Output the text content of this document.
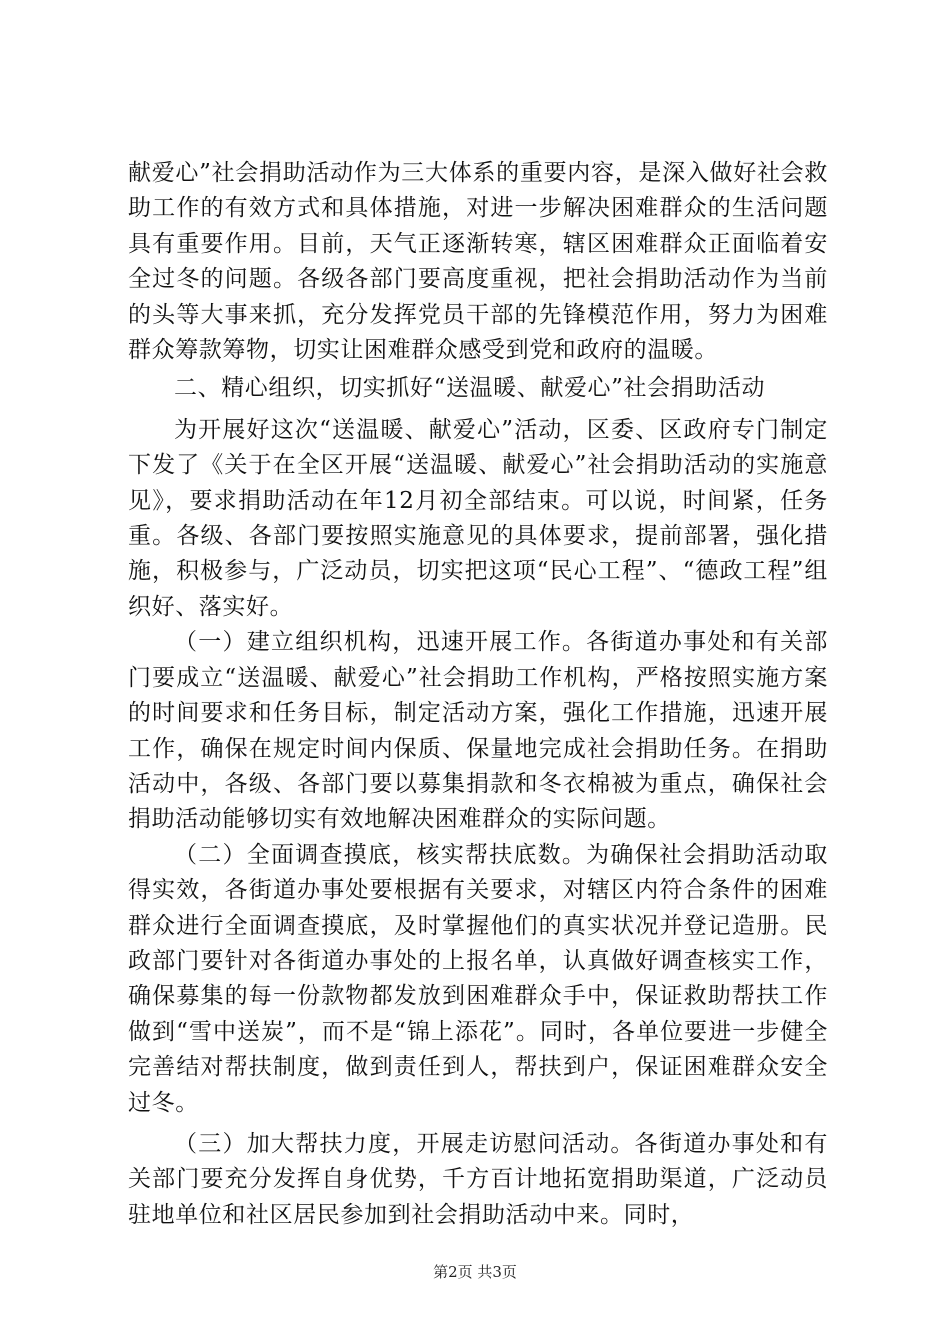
献爱心”社会捐助活动作为三大体系的重要内容，是深入做好社会救助工作的有效方式和具体措施，对进一步解决困难群众的生活问题具有重要作用。目前，天气正逐渐转寒，辖区困难群众正面临着安全过冬的问题。各级各部门要高度重视，把社会捐助活动作为当前的头等大事来抓，充分发挥党员干部的先锋模范作用，努力为困难群众筹款筹物，切实让困难群众感受到党和政府的温暖。

二、精心组织，切实抓好“送温暖、献爱心”社会捐助活动

为开展好这次“送温暖、献爱心”活动，区委、区政府专门制定下发了《关于在全区开展“送温暖、献爱心”社会捐助活动的实施意见》，要求捐助活动在年12月初全部结束。可以说，时间紧，任务重。各级、各部门要按照实施意见的具体要求，提前部署，强化措施，积极参与，广泛动员，切实把这项“民心工程”、“德政工程”组织好、落实好。

（一）建立组织机构，迅速开展工作。各街道办事处和有关部门要成立“送温暖、献爱心”社会捐助工作机构，严格按照实施方案的时间要求和任务目标，制定活动方案，强化工作措施，迅速开展工作，确保在规定时间内保质、保量地完成社会捐助任务。在捐助活动中，各级、各部门要以募集捐款和冬衣棉被为重点，确保社会捐助活动能够切实有效地解决困难群众的实际问题。

（二）全面调查摸底，核实帮扶底数。为确保社会捐助活动取得实效，各街道办事处要根据有关要求，对辖区内符合条件的困难群众进行全面调查摸底，及时掌握他们的真实状况并登记造册。民政部门要针对各街道办事处的上报名单，认真做好调查核实工作，确保募集的每一份款物都发放到困难群众手中，保证救助帮扶工作做到“雪中送炭”，而不是“锦上添花”。同时，各单位要进一步健全完善结对帮扶制度，做到责任到人，帮扶到户，保证困难群众安全过冬。

（三）加大帮扶力度，开展走访慰问活动。各街道办事处和有关部门要充分发挥自身优势，千方百计地拓宽捐助渠道，广泛动员驻地单位和社区居民参加到社会捐助活动中来。同时，

第2页 共3页
